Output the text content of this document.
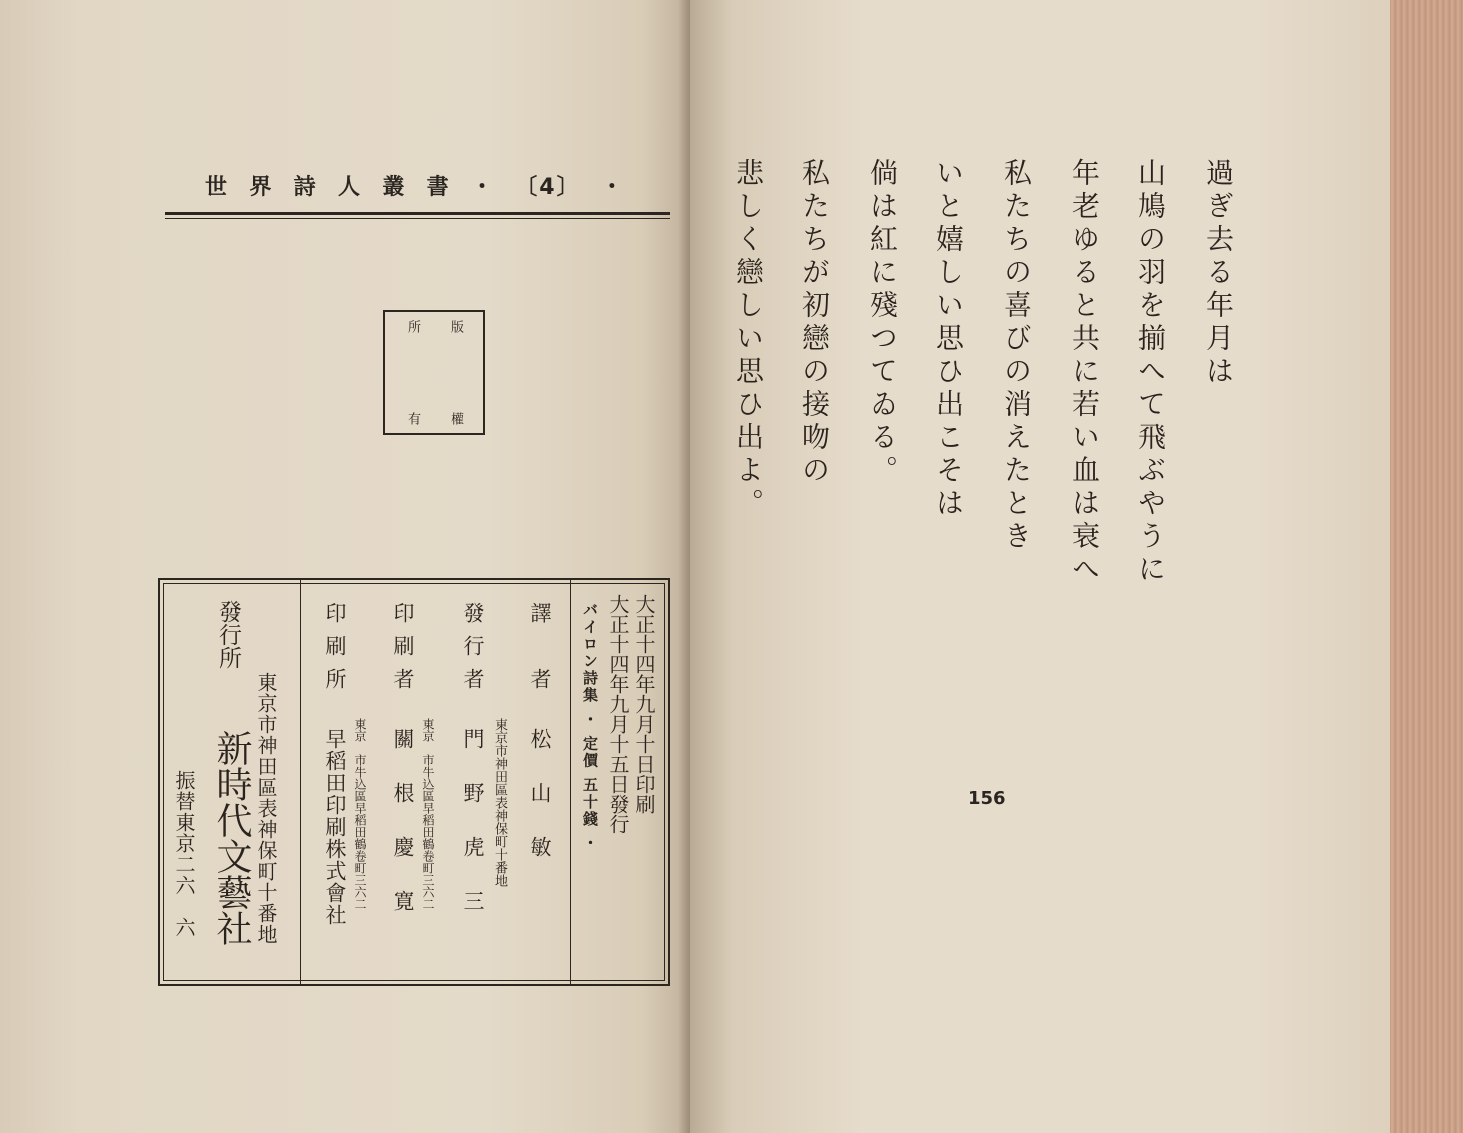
世 界 詩 人 叢 書 ・ 〔4〕 ・
版
權
所
有
大正十四年九月十日印刷
大正十四年九月十五日發行
バイロン詩集 ・ 定價 五十錢 ・
譯　者
松　山　敏
發行者
東京市神田區表神保町十番地
門　野　虎　三
印刷者
東京　市牛込區早稻田鶴卷町三六二
關　根　慶　寛
印刷所
東京　市牛込區早稻田鶴卷町三六二
早稻田印刷株式會社
發行所
東京市神田區表神保町十番地
新時代文藝社
振替東京二六　六
過ぎ去る年月は
山鳩の羽を揃へて飛ぶやうに
年老ゆると共に若い血は衰へ
私たちの喜びの消えたとき
いと嬉しい思ひ出こそは
倘は紅に殘つてゐる。
私たちが初戀の接吻の
悲しく戀しい思ひ出よ。
156
